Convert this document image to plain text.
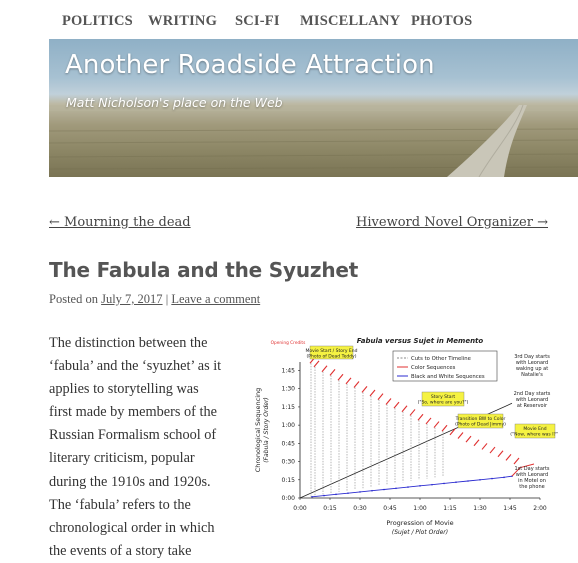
POLITICS WRITING SCI-FI MISCELLANY PHOTOS
Another Roadside Attraction
Matt Nicholson's place on the Web
← Mourning the dead	Hiveword Novel Organizer →
The Fabula and the Syuzhet
Posted on July 7, 2017 | Leave a comment
The distinction between the
‘fabula’ and the ‘syuzhet’ as it
applies to storytelling was
first made by members of the
Russian Formalism school of
literary criticism, popular
during the 1910s and 1920s.
The ‘fabula’ refers to the
chronological order in which
the events of a story take
Fabula versus Sujet in Memento
0:00
0:15
0:30
0:45
1:00
1:15
1:30
1:45
0:00	0:15	0:30	0:45	1:00	1:15	1:30	1:45	2:00
Progression of Movie
(Sujet / Plot Order)
Chronological Sequencing (Fabula / Story Order)
Cuts to Other Timeline
Color Sequences
Black and White Sequences
Opening Credits
Movie Start / Story End
(Photo of Dead Teddy)
Story Start
("So, where are you?")
Transition BW to Color
(Photo of Dead Jimmy)
Movie End
("Now, where was I?")
3rd Day starts
with Leonard
waking up at
Natalie's
2nd Day starts
with Leonard
at Reservoir
1st Day starts
with Leonard
in Motel on
the phone
